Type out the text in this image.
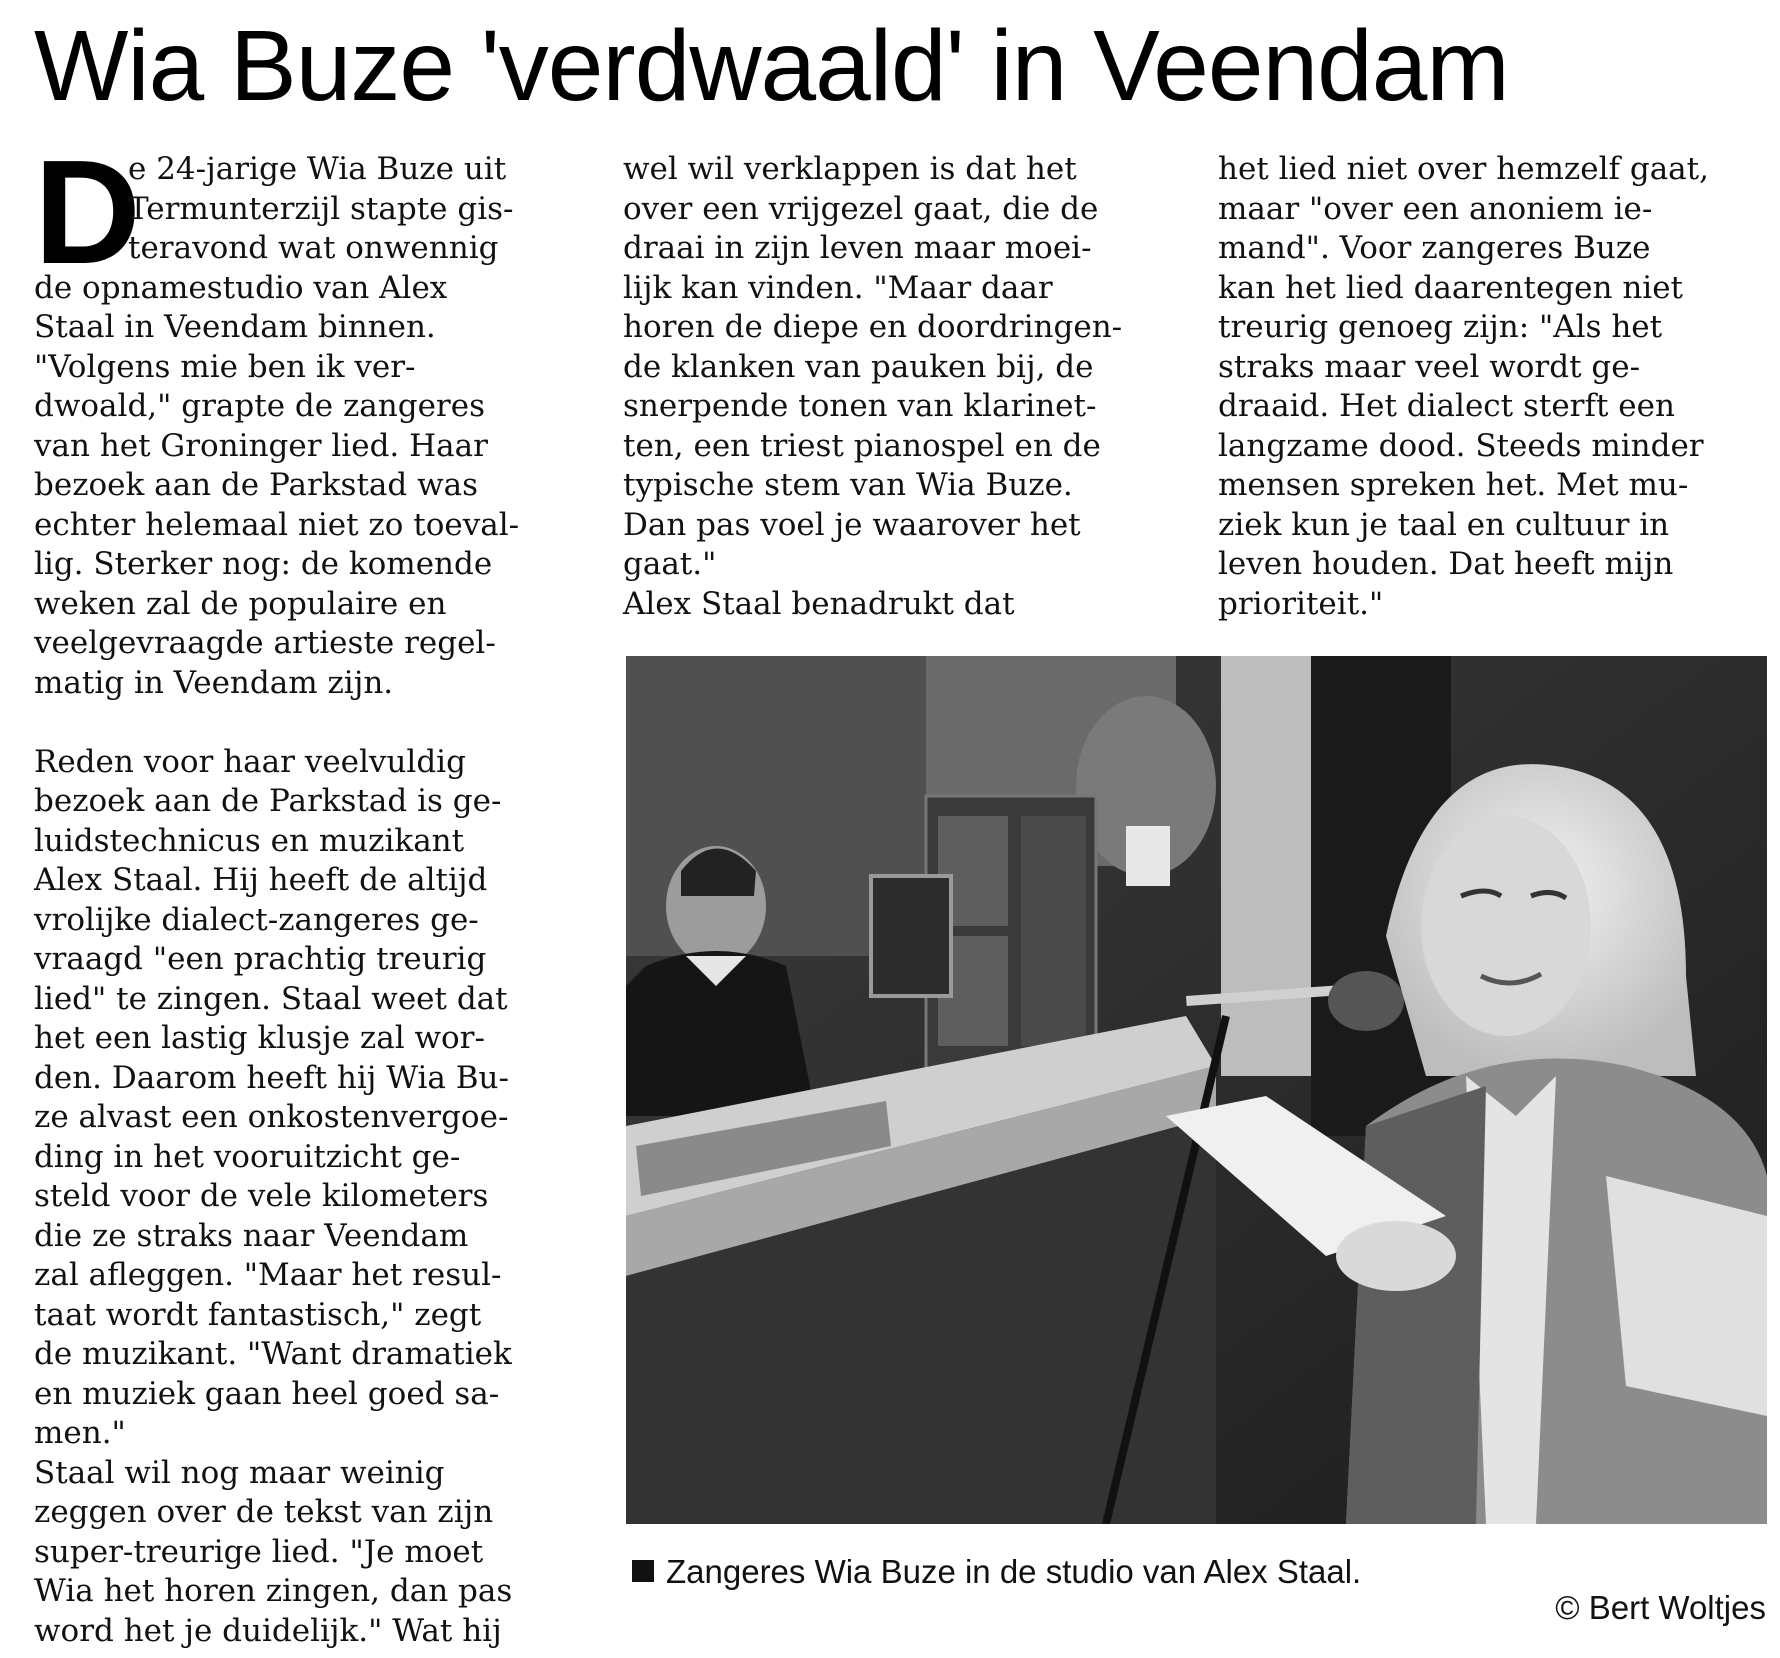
Wia Buze 'verdwaald' in Veendam
D
e 24-jarige Wia Buze uit
Termunterzijl stapte gis-
teravond wat onwennig
de opnamestudio van Alex
Staal in Veendam binnen.
"Volgens mie ben ik ver-
dwoald," grapte de zangeres
van het Groninger lied. Haar
bezoek aan de Parkstad was
echter helemaal niet zo toeval-
lig. Sterker nog: de komende
weken zal de populaire en
veelgevraagde artieste regel-
matig in Veendam zijn.
Reden voor haar veelvuldig
bezoek aan de Parkstad is ge-
luidstechnicus en muzikant
Alex Staal. Hij heeft de altijd
vrolijke dialect-zangeres ge-
vraagd "een prachtig treurig
lied" te zingen. Staal weet dat
het een lastig klusje zal wor-
den. Daarom heeft hij Wia Bu-
ze alvast een onkostenvergoe-
ding in het vooruitzicht ge-
steld voor de vele kilometers
die ze straks naar Veendam
zal afleggen. "Maar het resul-
taat wordt fantastisch," zegt
de muzikant. "Want dramatiek
en muziek gaan heel goed sa-
men."
Staal wil nog maar weinig
zeggen over de tekst van zijn
super-treurige lied. "Je moet
Wia het horen zingen, dan pas
word het je duidelijk." Wat hij
wel wil verklappen is dat het
over een vrijgezel gaat, die de
draai in zijn leven maar moei-
lijk kan vinden. "Maar daar
horen de diepe en doordringen-
de klanken van pauken bij, de
snerpende tonen van klarinet-
ten, een triest pianospel en de
typische stem van Wia Buze.
Dan pas voel je waarover het
gaat."
Alex Staal benadrukt dat
het lied niet over hemzelf gaat,
maar "over een anoniem ie-
mand". Voor zangeres Buze
kan het lied daarentegen niet
treurig genoeg zijn: "Als het
straks maar veel wordt ge-
draaid. Het dialect sterft een
langzame dood. Steeds minder
mensen spreken het. Met mu-
ziek kun je taal en cultuur in
leven houden. Dat heeft mijn
prioriteit."
Zangeres Wia Buze in de studio van Alex Staal.
© Bert Woltjes
